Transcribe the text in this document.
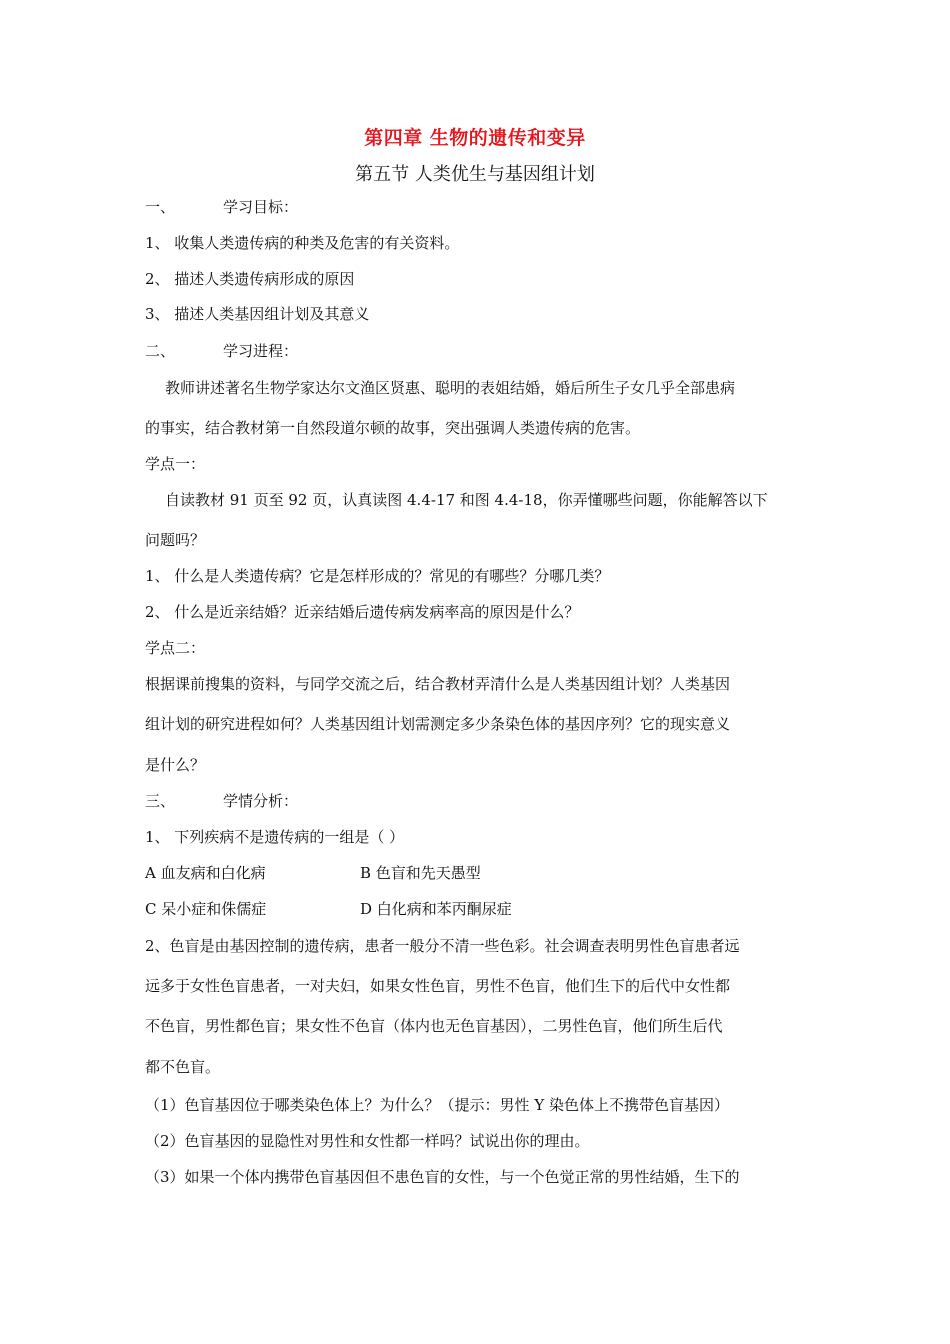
第四章 生物的遗传和变异
第五节 人类优生与基因组计划
一、	学习目标：
1、 收集人类遗传病的种类及危害的有关资料。
2、 描述人类遗传病形成的原因
3、 描述人类基因组计划及其意义
二、	学习进程：
教师讲述著名生物学家达尔文渔区贤惠、聪明的表姐结婚，婚后所生子女几乎全部患病
的事实，结合教材第一自然段道尔顿的故事，突出强调人类遗传病的危害。
学点一：
自读教材 91 页至 92 页，认真读图 4.4-17 和图 4.4-18，你弄懂哪些问题，你能解答以下
问题吗？
1、 什么是人类遗传病？它是怎样形成的？常见的有哪些？分哪几类？
2、 什么是近亲结婚？近亲结婚后遗传病发病率高的原因是什么？
学点二：
根据课前搜集的资料，与同学交流之后，结合教材弄清什么是人类基因组计划？人类基因
组计划的研究进程如何？人类基因组计划需测定多少条染色体的基因序列？它的现实意义
是什么？
三、	学情分析：
1、 下列疾病不是遗传病的一组是（ ）
A 血友病和白化病	B 色盲和先天愚型
C 呆小症和侏儒症	D 白化病和苯丙酮尿症
2、色盲是由基因控制的遗传病，患者一般分不清一些色彩。社会调查表明男性色盲患者远
远多于女性色盲患者，一对夫妇，如果女性色盲，男性不色盲，他们生下的后代中女性都
不色盲，男性都色盲；果女性不色盲（体内也无色盲基因），二男性色盲，他们所生后代
都不色盲。
（1）色盲基因位于哪类染色体上？为什么？（提示：男性 Y 染色体上不携带色盲基因）
（2）色盲基因的显隐性对男性和女性都一样吗？试说出你的理由。
（3）如果一个体内携带色盲基因但不患色盲的女性，与一个色觉正常的男性结婚，生下的
